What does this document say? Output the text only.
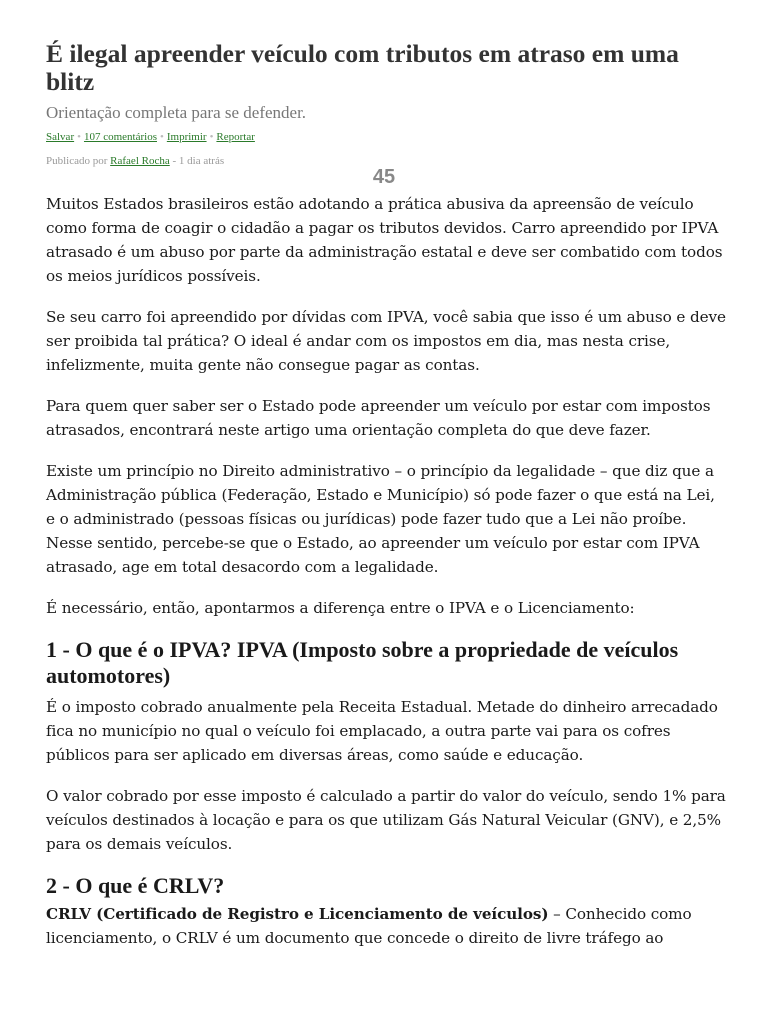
É ilegal apreender veículo com tributos em atraso em uma blitz
Orientação completa para se defender.
Salvar • 107 comentários • Imprimir • Reportar
Publicado por Rafael Rocha - 1 dia atrás
45

Muitos Estados brasileiros estão adotando a prática abusiva da apreensão de veículo como forma de coagir o cidadão a pagar os tributos devidos. Carro apreendido por IPVA atrasado é um abuso por parte da administração estatal e deve ser combatido com todos os meios jurídicos possíveis.

Se seu carro foi apreendido por dívidas com IPVA, você sabia que isso é um abuso e deve ser proibida tal prática? O ideal é andar com os impostos em dia, mas nesta crise, infelizmente, muita gente não consegue pagar as contas.

Para quem quer saber ser o Estado pode apreender um veículo por estar com impostos atrasados, encontrará neste artigo uma orientação completa do que deve fazer.

Existe um princípio no Direito administrativo – o princípio da legalidade – que diz que a Administração pública (Federação, Estado e Município) só pode fazer o que está na Lei, e o administrado (pessoas físicas ou jurídicas) pode fazer tudo que a Lei não proíbe. Nesse sentido, percebe-se que o Estado, ao apreender um veículo por estar com IPVA atrasado, age em total desacordo com a legalidade.

É necessário, então, apontarmos a diferença entre o IPVA e o Licenciamento:

1 - O que é o IPVA? IPVA (Imposto sobre a propriedade de veículos automotores)

É o imposto cobrado anualmente pela Receita Estadual. Metade do dinheiro arrecadado fica no município no qual o veículo foi emplacado, a outra parte vai para os cofres públicos para ser aplicado em diversas áreas, como saúde e educação.

O valor cobrado por esse imposto é calculado a partir do valor do veículo, sendo 1% para veículos destinados à locação e para os que utilizam Gás Natural Veicular (GNV), e 2,5% para os demais veículos.

2 - O que é CRLV?

CRLV (Certificado de Registro e Licenciamento de veículos) – Conhecido como licenciamento, o CRLV é um documento que concede o direito de livre tráfego ao
